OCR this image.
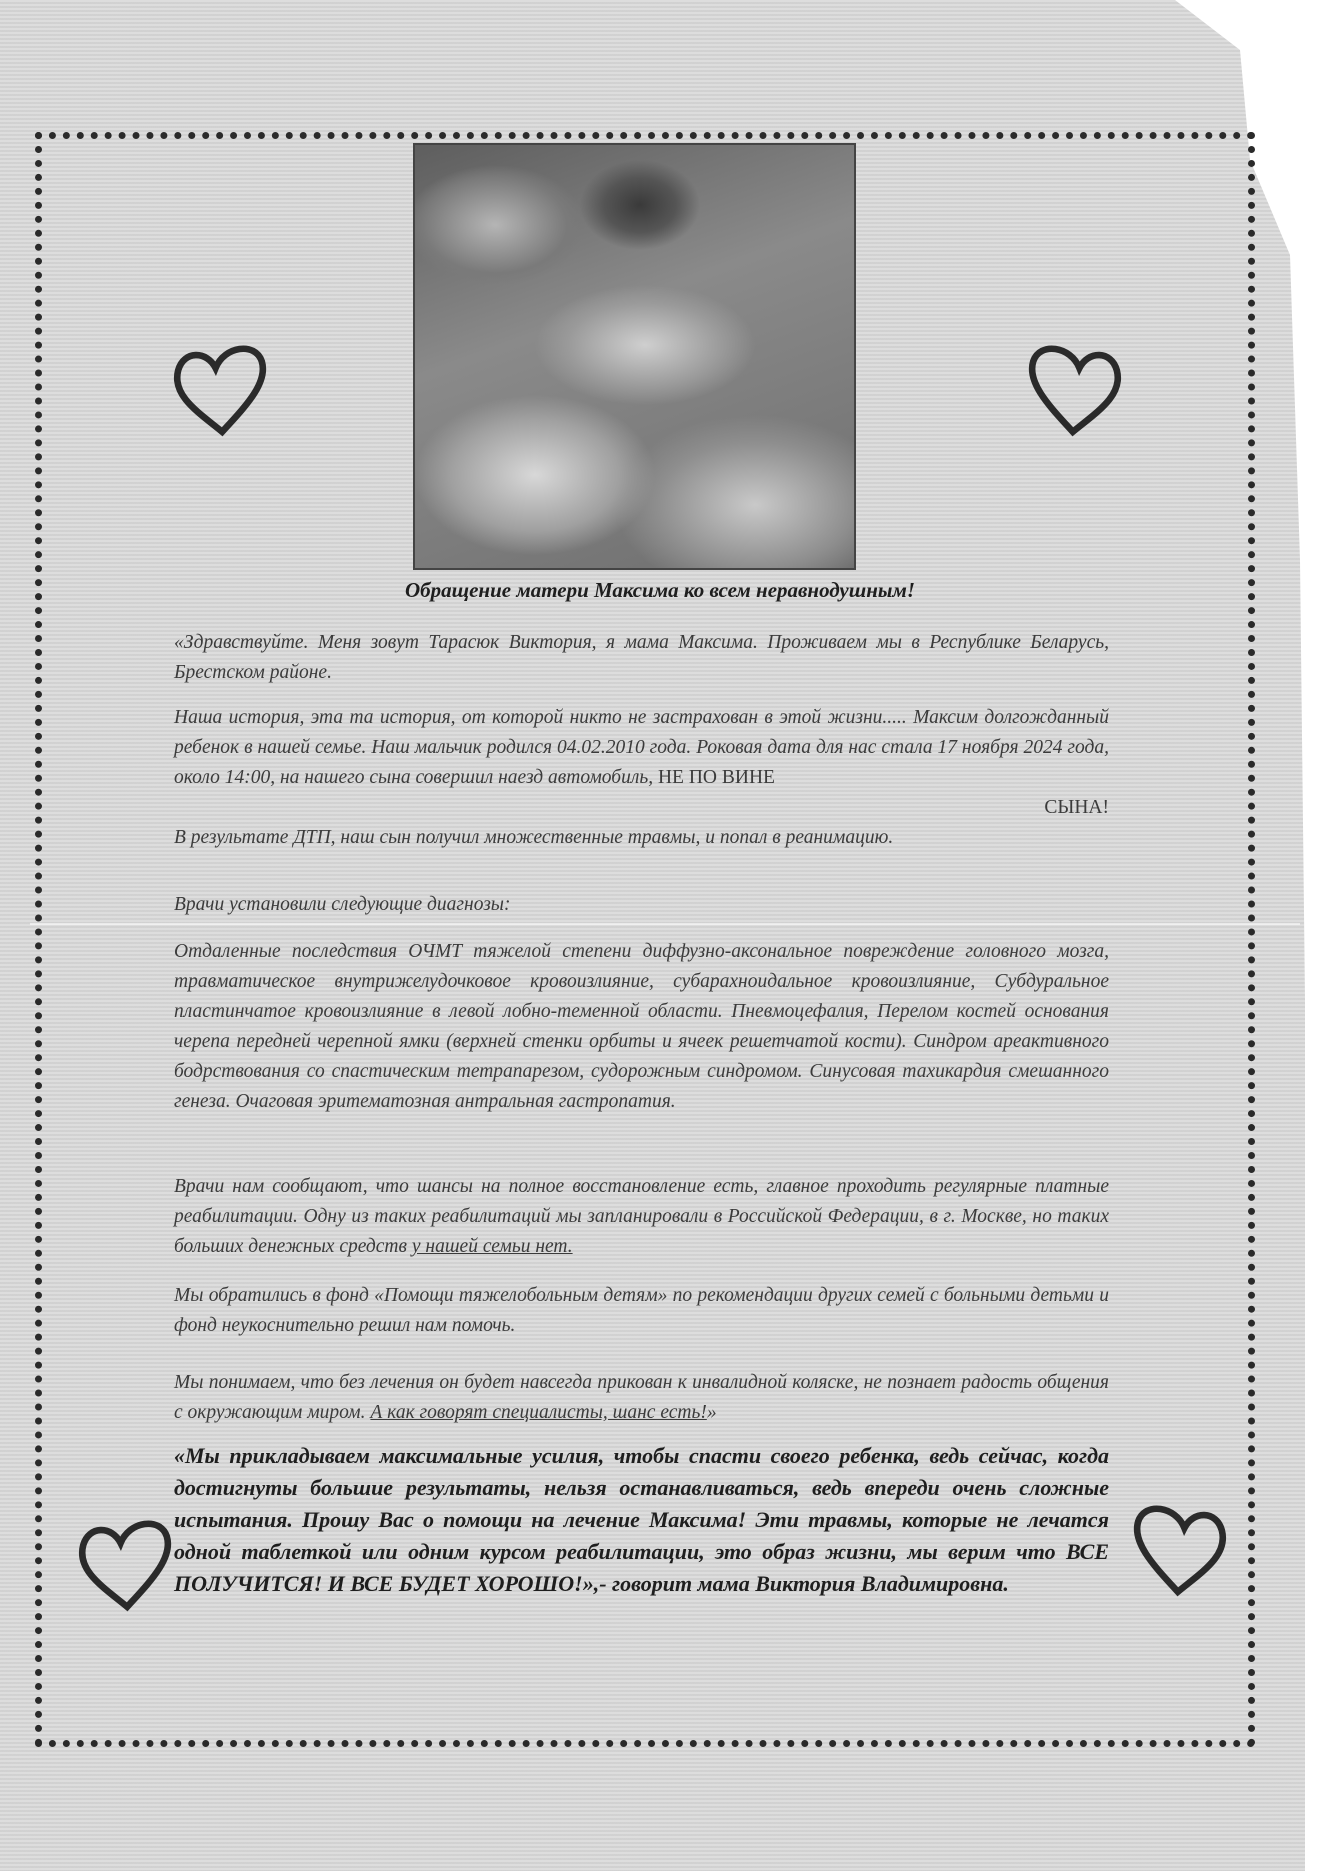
Обращение матери Максима ко всем неравнодушным!

«Здравствуйте. Меня зовут Тарасюк Виктория, я мама Максима. Проживаем мы в Республике Беларусь, Брестском районе.

Наша история, эта та история, от которой никто не застрахован в этой жизни..... Максим долгожданный ребенок в нашей семье. Наш мальчик родился 04.02.2010 года. Роковая дата для нас стала 17 ноября 2024 года, около 14:00, на нашего сына совершил наезд автомобиль, НЕ ПО ВИНЕ
СЫНА!
В результате ДТП, наш сын получил множественные травмы, и попал в реанимацию.

Врачи установили следующие диагнозы:

Отдаленные последствия ОЧМТ тяжелой степени диффузно-аксональное повреждение головного мозга, травматическое внутрижелудочковое кровоизлияние, субарахноидальное кровоизлияние, Субдуральное пластинчатое кровоизлияние в левой лобно-теменной области. Пневмоцефалия, Перелом костей основания черепа передней черепной ямки (верхней стенки орбиты и ячеек решетчатой кости). Синдром ареактивного бодрствования со спастическим тетрапарезом, судорожным синдромом. Синусовая тахикардия смешанного генеза. Очаговая эритематозная антральная гастропатия.

Врачи нам сообщают, что шансы на полное восстановление есть, главное проходить регулярные платные реабилитации. Одну из таких реабилитаций мы запланировали в Российской Федерации, в г. Москве, но таких больших денежных средств у нашей семьи нет.

Мы обратились в фонд «Помощи тяжелобольным детям» по рекомендации других семей с больными детьми и фонд неукоснительно решил нам помочь.

Мы понимаем, что без лечения он будет навсегда прикован к инвалидной коляске, не познает радость общения с окружающим миром. А как говорят специалисты, шанс есть!»

«Мы прикладываем максимальные усилия, чтобы спасти своего ребенка, ведь сейчас, когда достигнуты большие результаты, нельзя останавливаться, ведь впереди очень сложные испытания. Прошу Вас о помощи на лечение Максима! Эти травмы, которые не лечатся одной таблеткой или одним курсом реабилитации, это образ жизни, мы верим что ВСЕ ПОЛУЧИТСЯ! И ВСЕ БУДЕТ ХОРОШО!»,- говорит мама Виктория Владимировна.
